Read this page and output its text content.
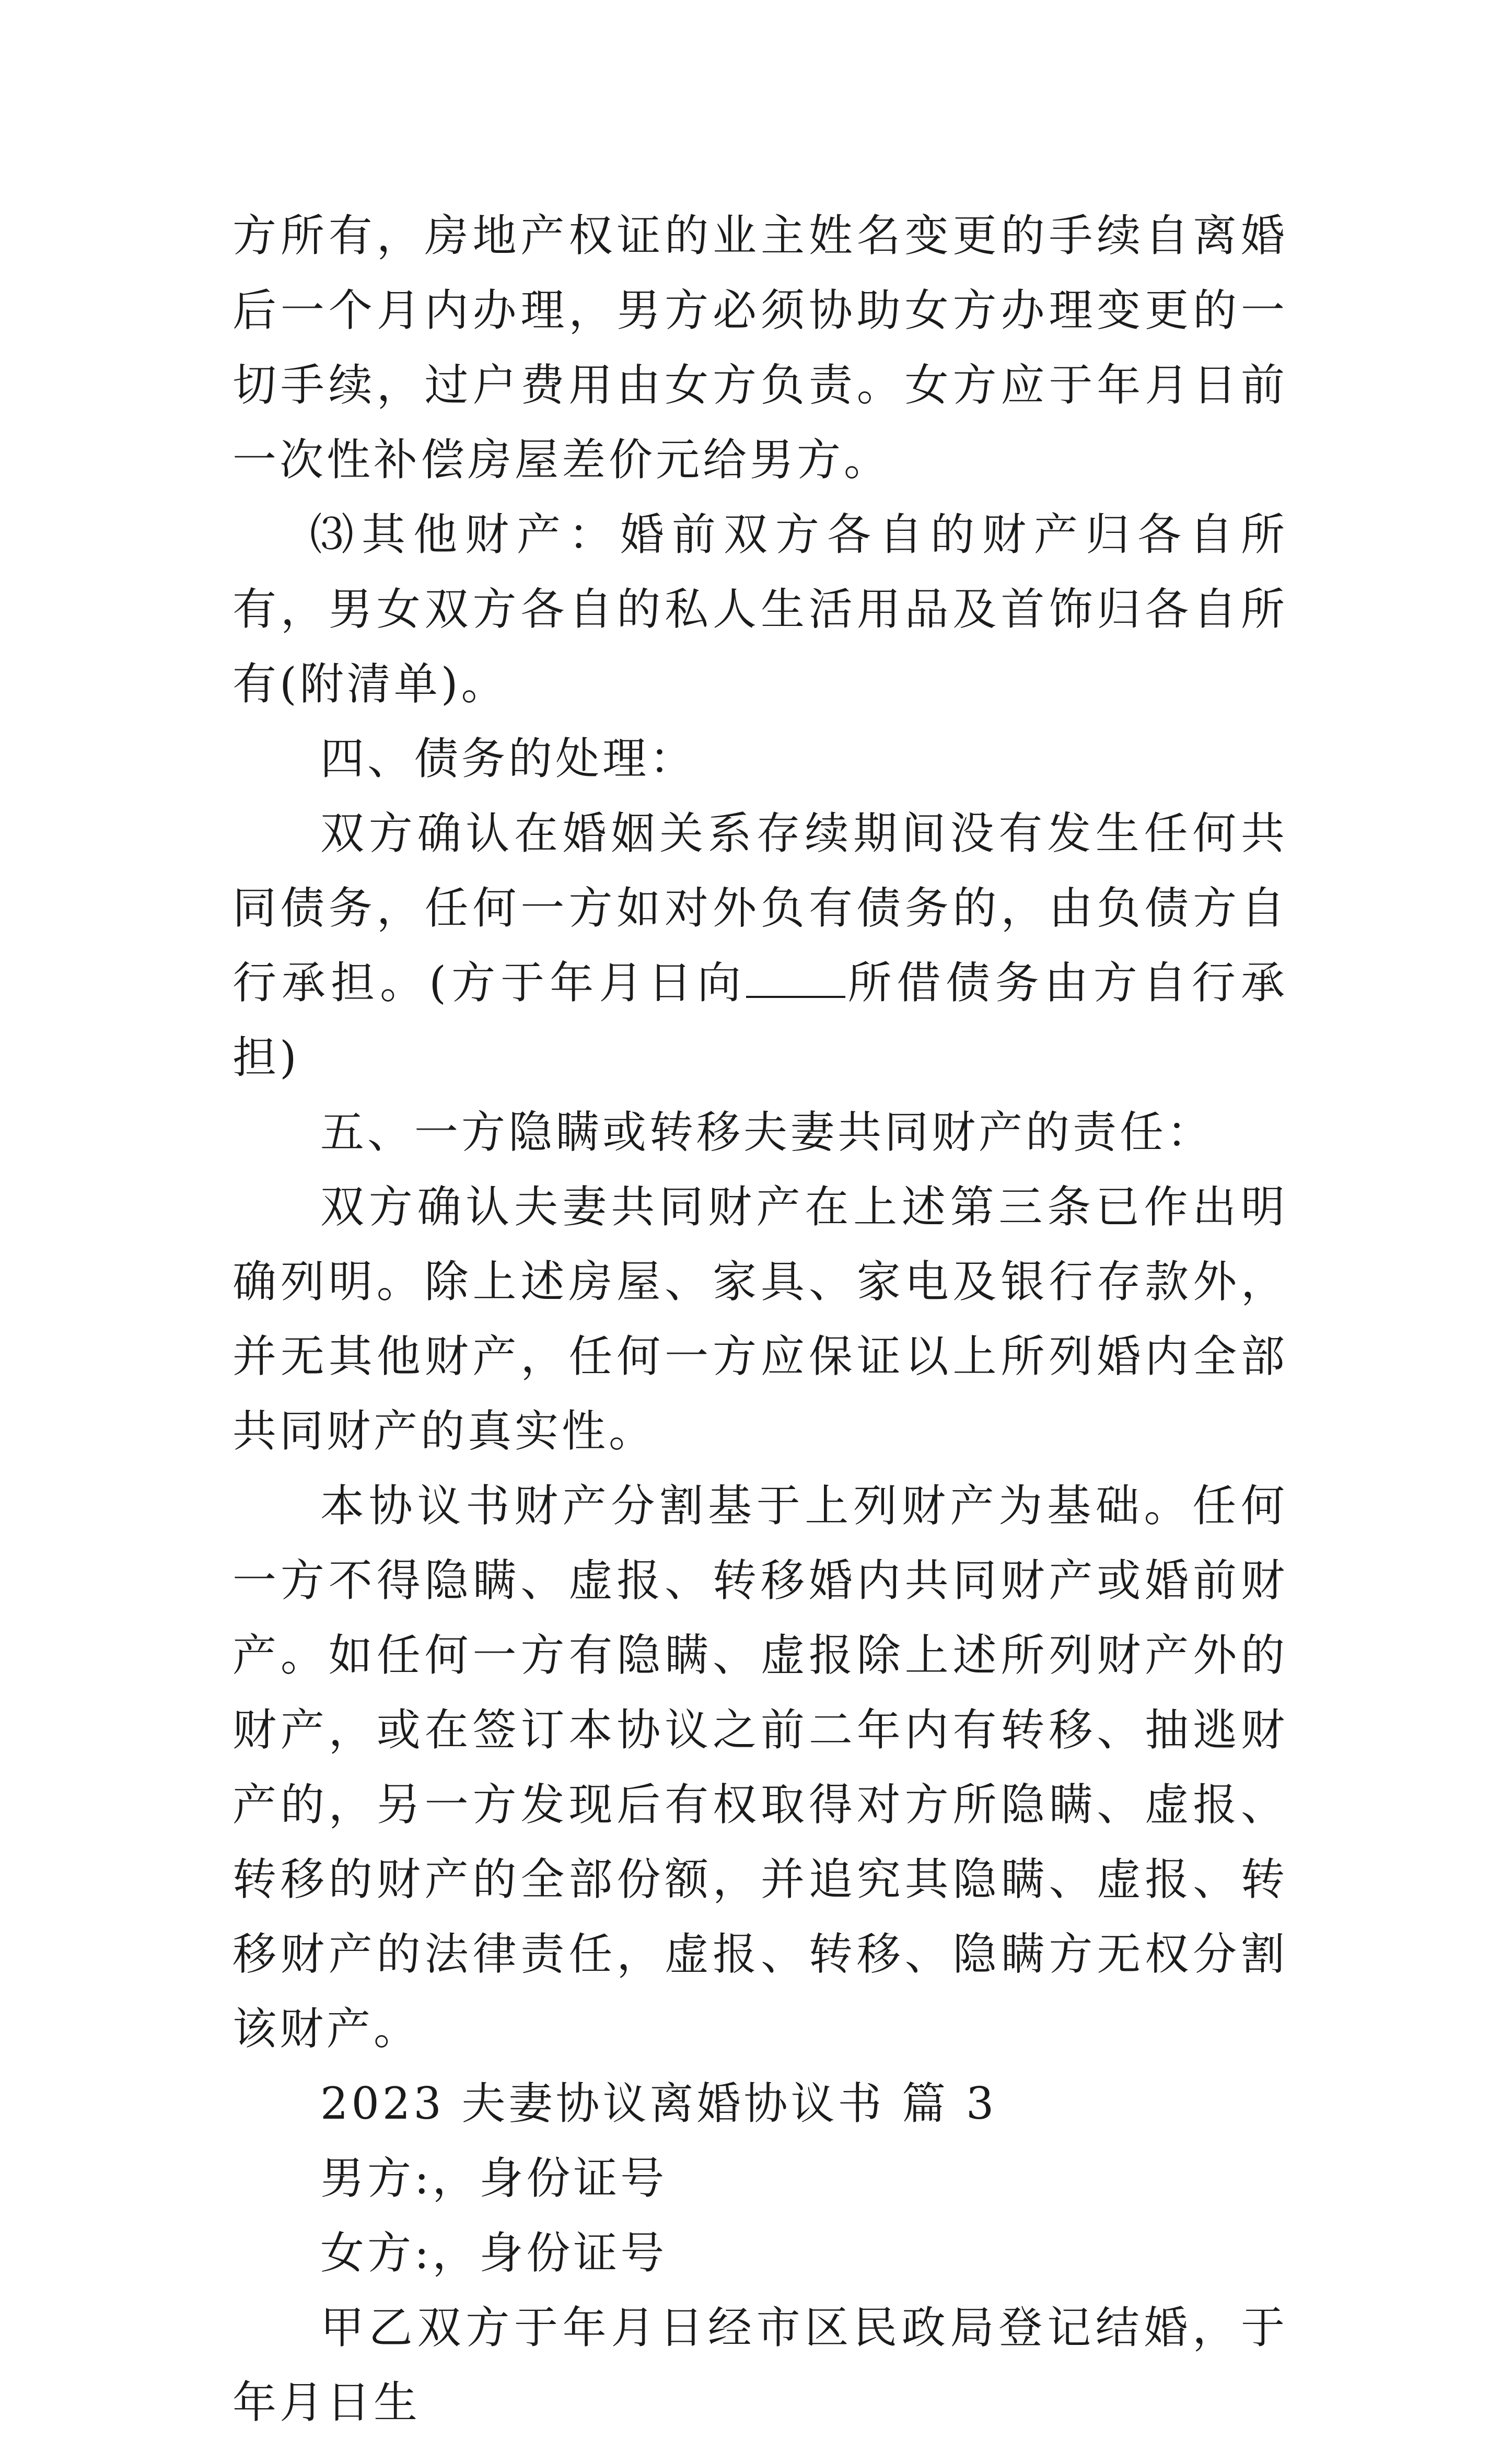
方所有，房地产权证的业主姓名变更的手续自离婚后一个月内办理，男方必须协助女方办理变更的一切手续，过户费用由女方负责。女方应于年月日前一次性补偿房屋差价元给男方。

⑶其他财产：婚前双方各自的财产归各自所有，男女双方各自的私人生活用品及首饰归各自所有(附清单)。

四、债务的处理：

双方确认在婚姻关系存续期间没有发生任何共同债务，任何一方如对外负有债务的，由负债方自行承担。(方于年月日向 所借债务由方自行承担)

五、一方隐瞒或转移夫妻共同财产的责任：

双方确认夫妻共同财产在上述第三条已作出明确列明。除上述房屋、家具、家电及银行存款外，并无其他财产，任何一方应保证以上所列婚内全部共同财产的真实性。

本协议书财产分割基于上列财产为基础。任何一方不得隐瞒、虚报、转移婚内共同财产或婚前财产。如任何一方有隐瞒、虚报除上述所列财产外的财产，或在签订本协议之前二年内有转移、抽逃财产的，另一方发现后有权取得对方所隐瞒、虚报、转移的财产的全部份额，并追究其隐瞒、虚报、转移财产的法律责任，虚报、转移、隐瞒方无权分割该财产。

2023 夫妻协议离婚协议书 篇 3

男方:，身份证号

女方:，身份证号

甲乙双方于年月日经市区民政局登记结婚，于年月日生
